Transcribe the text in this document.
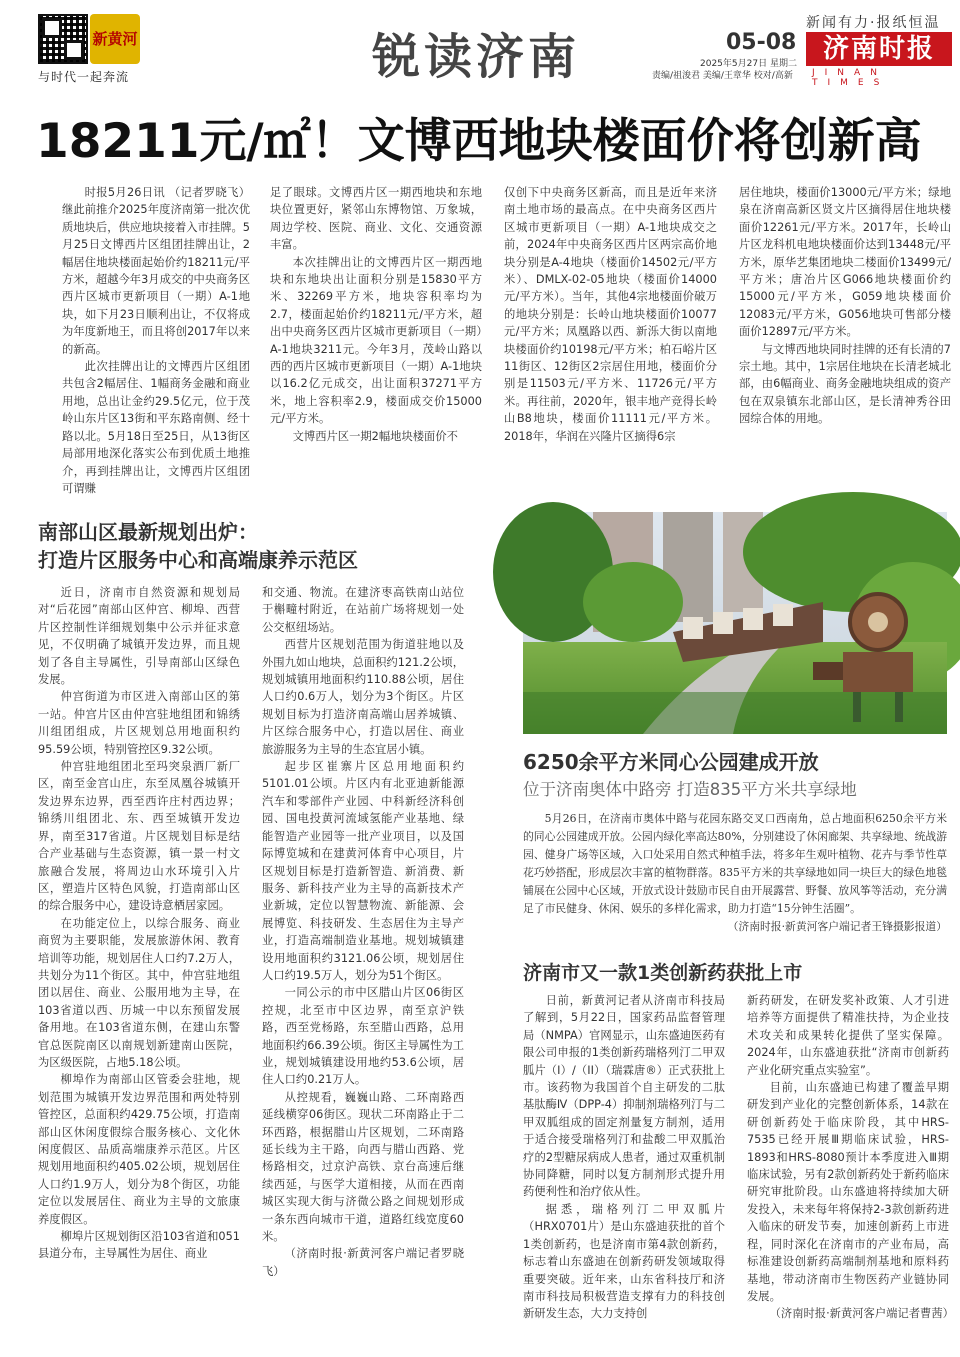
新黄河
与时代一起奔流	锐读济南
新闻有力·报纸恒温
05-08
2025年5月27日 星期二
责编/祖浚君 美编/王章华 校对/高新
济南时报
JINAN TIMES
18211元/㎡！文博西地块楼面价将创新高

时报5月26日讯 （记者罗晓飞）继此前推介2025年度济南第一批次优质地块后，供应地块接着入市挂牌。5月25日文博西片区组团挂牌出让，2幅居住地块楼面起始价约18211元/平方米，超越今年3月成交的中央商务区西片区城市更新项目（一期）A-1地块，如下月23日顺利出让，不仅将成为年度新地王，而且将创2017年以来的新高。

此次挂牌出让的文博西片区组团共包含2幅居住、1幅商务金融和商业用地，总出让金约29.5亿元，位于茂岭山东片区13街和平东路南侧、经十路以北。5月18日至25日，从13街区局部用地深化落实公布到优质土地推介，再到挂牌出让，文博西片区组团可谓赚

足了眼球。文博西片区一期西地块和东地块位置更好，紧邻山东博物馆、万象城，周边学校、医院、商业、文化、交通资源丰富。

本次挂牌出让的文博西片区一期西地块和东地块出让面积分别是15830平方米、32269平方米，地块容积率均为2.7，楼面起始价约18211元/平方米，超出中央商务区西片区城市更新项目（一期）A-1地块3211元。今年3月，茂岭山路以西的西片区城市更新项目（一期）A-1地块以16.2亿元成交，出让面积37271平方米，地上容积率2.9，楼面成交价15000元/平方米。

文博西片区一期2幅地块楼面价不

仅创下中央商务区新高，而且是近年来济南土地市场的最高点。在中央商务区西片区城市更新项目（一期）A-1地块成交之前，2024年中央商务区西片区两宗高价地块分别是A-4地块（楼面价14502元/平方米）、DMLX-02-05地块（楼面价14000元/平方米）。当年，其他4宗地楼面价破万的地块分别是：长岭山地块楼面价10077元/平方米；凤凰路以西、新泺大街以南地块楼面价约10198元/平方米；柏石峪片区11街区、12街区2宗居住用地，楼面价分别是11503元/平方米、11726元/平方米。再往前，2020年，银丰地产竞得长岭山B8地块，楼面价11111元/平方米。2018年，华润在兴隆片区摘得6宗

居住地块，楼面价13000元/平方米；绿地泉在济南高新区贤文片区摘得居住地块楼面价12261元/平方米。2017年，长岭山片区龙科机电地块楼面价达到13448元/平方米，原华艺集团地块二楼面价13499元/平方米；唐冶片区G066地块楼面价约15000元/平方米，G059地块楼面价12083元/平方米，G056地块可售部分楼面价12897元/平方米。

与文博西地块同时挂牌的还有长清的7宗土地。其中，1宗居住地块在长清老城北部，由6幅商业、商务金融地块组成的资产包在双泉镇东北部山区，是长清神秀谷田园综合体的用地。

南部山区最新规划出炉：
打造片区服务中心和高端康养示范区

近日，济南市自然资源和规划局对“后花园”南部山区仲宫、柳埠、西营片区控制性详细规划集中公示并征求意见，不仅明确了城镇开发边界，而且规划了各自主导属性，引导南部山区绿色发展。

仲宫街道为市区进入南部山区的第一站。仲宫片区由仲宫驻地组团和锦绣川组团组成，片区规划总用地面积约95.59公顷，特别管控区9.32公顷。

仲宫驻地组团北至玛突泉酒厂新厂区，南至金宫山庄，东至凤凰谷城镇开发边界东边界，西至西许庄村西边界；锦绣川组团北、东、西至城镇开发边界，南至317省道。片区规划目标是结合产业基础与生态资源，镇一景一村文旅融合发展，将周边山水环境引入片区，塑造片区特色风貌，打造南部山区的综合服务中心，建设诗意栖居家园。

在功能定位上，以综合服务、商业商贸为主要职能，发展旅游休闲、教育培训等功能，规划居住人口约7.2万人，共划分为11个街区。其中，仲宫驻地组团以居住、商业、公服用地为主导，在103省道以西、历城一中以东预留发展备用地。在103省道东侧，在建山东警官总医院南区以南规划新建南山医院，为区级医院，占地5.18公顷。

柳埠作为南部山区管委会驻地，规划范围为城镇开发边界范围和两处特别管控区，总面积约429.75公顷，打造南部山区休闲度假综合服务核心、文化休闲度假区、品质高端康养示范区。片区规划用地面积约405.02公顷，规划居住人口约1.9万人，划分为8个街区，功能定位以发展居住、商业为主导的文旅康养度假区。

柳埠片区规划街区沿103省道和051县道分布，主导属性为居住、商业

和交通、物流。在建济枣高铁南山站位于槲疃村附近，在站前广场将规划一处公交枢纽场站。

西营片区规划范围为街道驻地以及外围九如山地块，总面积约121.2公顷，规划城镇用地面积约110.88公顷，居住人口约0.6万人，划分为3个街区。片区规划目标为打造济南高端山居养城镇、片区综合服务中心，打造以居住、商业旅游服务为主导的生态宜居小镇。

起步区崔寨片区总用地面积约5101.01公顷。片区内有北亚迪新能源汽车和零部件产业园、中科新经济科创园、国电投黄河流域氢能产业基地、绿能智造产业园等一批产业项目，以及国际博览城和在建黄河体育中心项目，片区规划目标是打造新智造、新消费、新服务、新科技产业为主导的高新技术产业新城，定位以智慧物流、新能源、会展博览、科技研发、生态居住为主导产业，打造高端制造业基地。规划城镇建设用地面积约3121.06公顷，规划居住人口约19.5万人，划分为51个街区。

一同公示的市中区腊山片区06街区控规，北至市中区边界，南至京沪铁路，西至党杨路，东至腊山西路，总用地面积约66.39公顷。街区主导属性为工业，规划城镇建设用地约53.6公顷，居住人口约0.21万人。

从控规看，巍巍山路、二环南路西延线横穿06街区。现状二环南路止于二环西路，根据腊山片区规划，二环南路延长线为主干路，向西与腊山西路、党杨路相交，过京沪高铁、京台高速后继续西延，与医学大道相接，从而在西南城区实现大街与济微公路之间规划形成一条东西向城市干道，道路红线宽度60米。

（济南时报·新黄河客户端记者罗晓飞）

6250余平方米同心公园建成开放
位于济南奥体中路旁 打造835平方米共享绿地

5月26日，在济南市奥体中路与花园东路交叉口西南角，总占地面积6250余平方米的同心公园建成开放。公园内绿化率高达80%，分别建设了休闲廊架、共享绿地、统战游园、健身广场等区域，入口处采用自然式种植手法，将多年生观叶植物、花卉与季节性草花巧妙搭配，形成层次丰富的植物群落。835平方米的共享绿地如同一块巨大的绿色地毯铺展在公园中心区域，开放式设计鼓励市民自由开展露营、野餐、放风筝等活动，充分满足了市民健身、休闲、娱乐的多样化需求，助力打造“15分钟生活圈”。

（济南时报·新黄河客户端记者王锋摄影报道）

济南市又一款1类创新药获批上市

日前，新黄河记者从济南市科技局了解到，5月22日，国家药品监督管理局（NMPA）官网显示，山东盛迪医药有限公司申报的1类创新药瑞格列汀二甲双胍片（I）/（II）（瑞霖唐®）正式获批上市。该药物为我国首个自主研发的二肽基肽酶Ⅳ（DPP-4）抑制剂瑞格列汀与二甲双胍组成的固定剂量复方制剂，适用于适合接受瑞格列汀和盐酸二甲双胍治疗的2型糖尿病成人患者，通过双重机制协同降糖，同时以复方制剂形式提升用药便利性和治疗依从性。

据悉，瑞格列汀二甲双胍片（HRX0701片）是山东盛迪获批的首个1类创新药，也是济南市第4款创新药，标志着山东盛迪在创新药研发领域取得重要突破。近年来，山东省科技厅和济南市科技局积极营造支撑有力的科技创新研发生态，大力支持创

新药研发，在研发奖补政策、人才引进培养等方面提供了精准扶持，为企业技术攻关和成果转化提供了坚实保障。2024年，山东盛迪获批“济南市创新药产业化研究重点实验室”。

目前，山东盛迪已构建了覆盖早期研发到产业化的完整创新体系，14款在研创新药处于临床阶段，其中HRS-7535已经开展Ⅲ期临床试验，HRS-1893和HRS-8080预计本季度进入Ⅲ期临床试验，另有2款创新药处于新药临床研究审批阶段。山东盛迪将持续加大研发投入，未来每年将保持2-3款创新药进入临床的研发节奏，加速创新药上市进程，同时深化在济南市的产业布局，高标准建设创新药高端制剂基地和原料药基地，带动济南市生物医药产业链协同发展。

（济南时报·新黄河客户端记者曹茜）
